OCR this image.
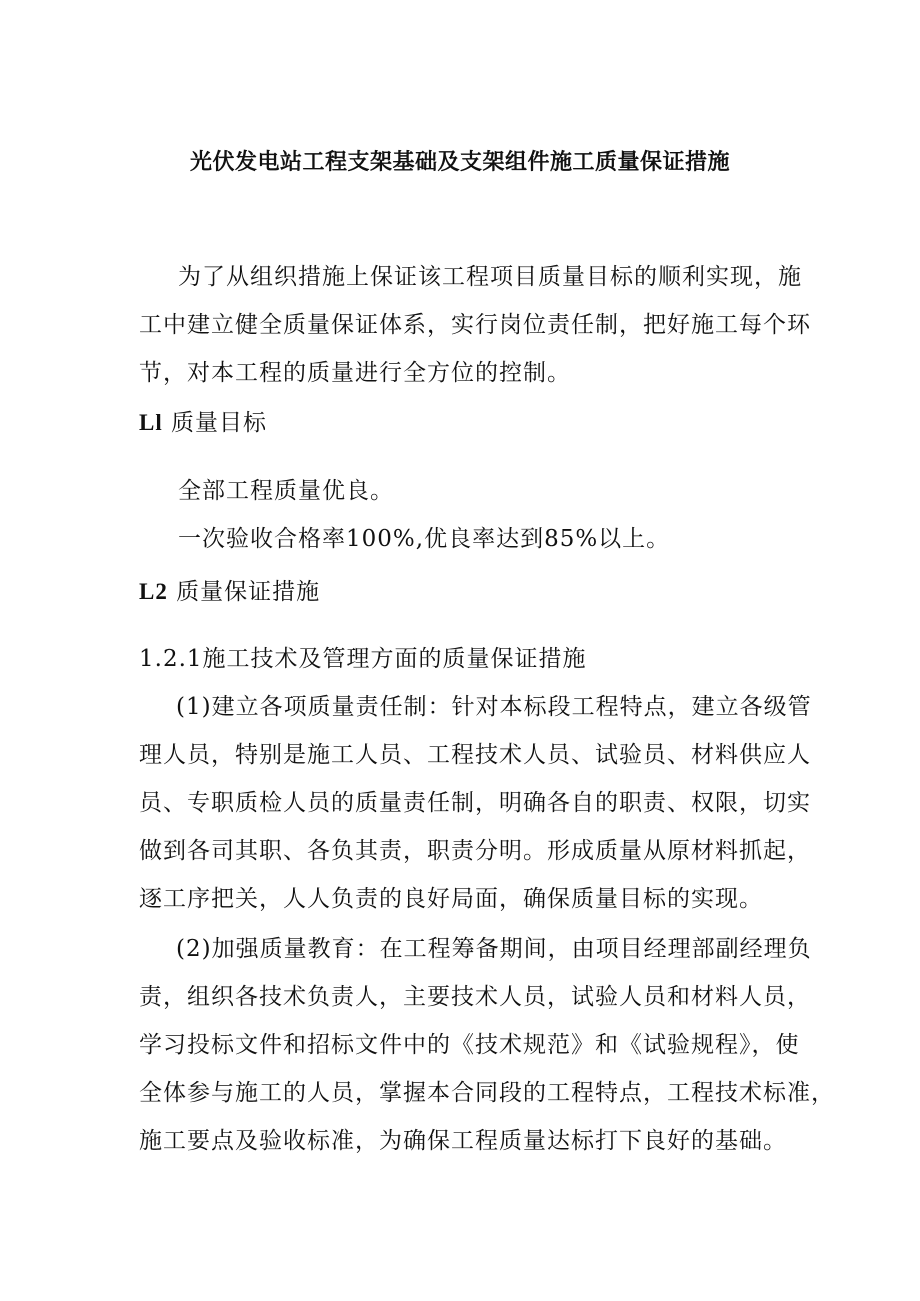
光伏发电站工程支架基础及支架组件施工质量保证措施

为了从组织措施上保证该工程项目质量目标的顺利实现，施

工中建立健全质量保证体系，实行岗位责任制，把好施工每个环

节，对本工程的质量进行全方位的控制。

Ll 质量目标

全部工程质量优良。

一次验收合格率100%,优良率达到85%以上。

L2 质量保证措施

1.2.1施工技术及管理方面的质量保证措施

(1)建立各项质量责任制：针对本标段工程特点，建立各级管

理人员，特别是施工人员、工程技术人员、试验员、材料供应人

员、专职质检人员的质量责任制，明确各自的职责、权限，切实

做到各司其职、各负其责，职责分明。形成质量从原材料抓起，

逐工序把关，人人负责的良好局面，确保质量目标的实现。

(2)加强质量教育：在工程筹备期间，由项目经理部副经理负

责，组织各技术负责人，主要技术人员，试验人员和材料人员，

学习投标文件和招标文件中的《技术规范》和《试验规程》，使

全体参与施工的人员，掌握本合同段的工程特点，工程技术标准，

施工要点及验收标准，为确保工程质量达标打下良好的基础。
